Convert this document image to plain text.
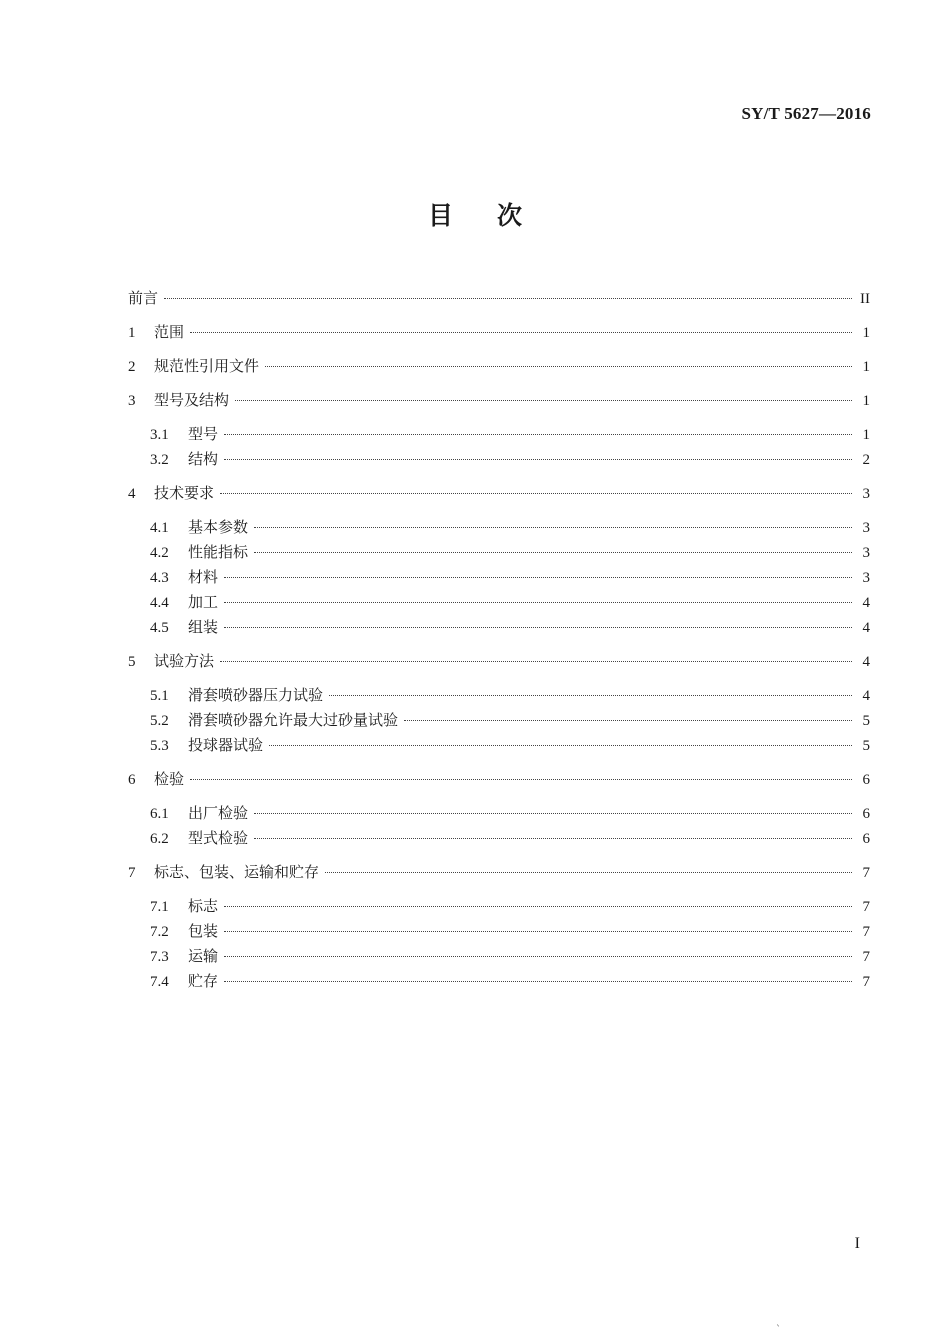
SY/T 5627—2016
目 次
前言	II
1	范围	1
2	规范性引用文件	1
3	型号及结构	1
3.1	型号	1
3.2	结构	2
4	技术要求	3
4.1	基本参数	3
4.2	性能指标	3
4.3	材料	3
4.4	加工	4
4.5	组装	4
5	试验方法	4
5.1	滑套喷砂器压力试验	4
5.2	滑套喷砂器允许最大过砂量试验	5
5.3	投球器试验	5
6	检验	6
6.1	出厂检验	6
6.2	型式检验	6
7	标志、包装、运输和贮存	7
7.1	标志	7
7.2	包装	7
7.3	运输	7
7.4	贮存	7
I
`
